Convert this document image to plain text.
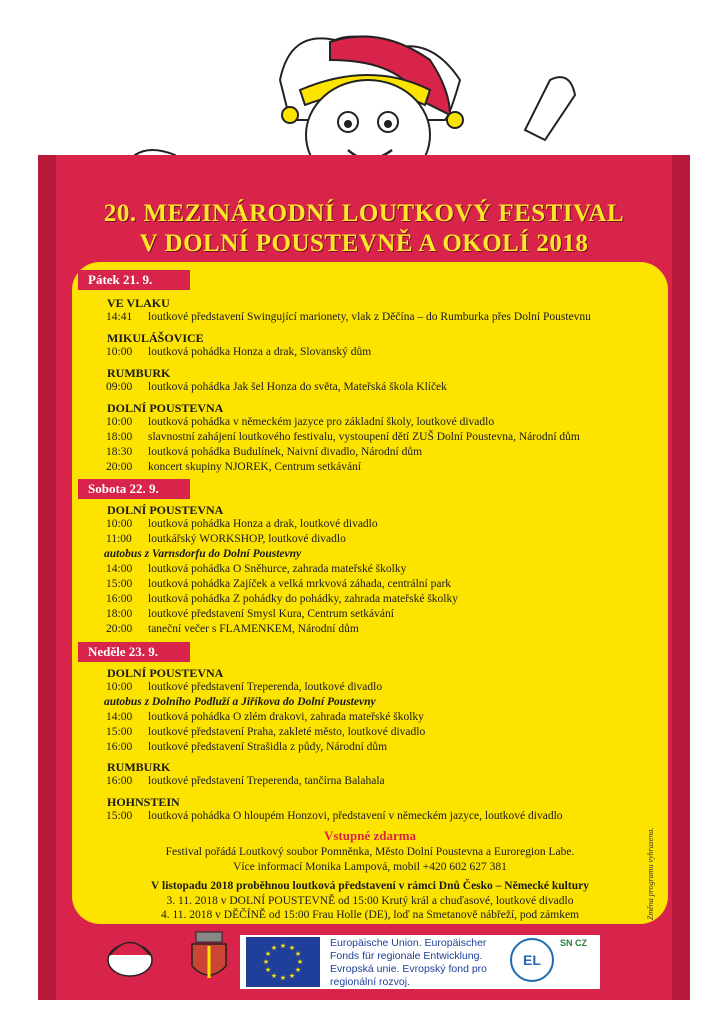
20. MEZINÁRODNÍ LOUTKOVÝ FESTIVAL
V DOLNÍ POUSTEVNĚ A OKOLÍ 2018
Pátek 21. 9.
VE VLAKU
14:41 loutkové představení Swingující marionety, vlak z Děčína – do Rumburka přes Dolní Poustevnu
MIKULÁŠOVICE
10:00 loutková pohádka Honza a drak, Slovanský dům
RUMBURK
09:00 loutková pohádka Jak šel Honza do světa, Mateřská škola Klíček
DOLNÍ POUSTEVNA
10:00 loutková pohádka v německém jazyce pro základní školy, loutkové divadlo
18:00 slavnostní zahájení loutkového festivalu, vystoupení dětí ZUŠ Dolní Poustevna, Národní dům
18:30 loutková pohádka Budulínek, Naivní divadlo, Národní dům
20:00 koncert skupiny NJOREK, Centrum setkávání
Sobota 22. 9.
DOLNÍ POUSTEVNA
10:00 loutková pohádka Honza a drak, loutkové divadlo
11:00 loutkářský WORKSHOP, loutkové divadlo
autobus z Varnsdorfu do Dolní Poustevny
14:00 loutková pohádka O Sněhurce, zahrada mateřské školky
15:00 loutková pohádka Zajíček a velká mrkvová záhada, centrální park
16:00 loutková pohádka Z pohádky do pohádky, zahrada mateřské školky
18:00 loutkové představení Smysl Kura, Centrum setkávání
20:00 taneční večer s FLAMENKEM, Národní dům
Neděle 23. 9.
DOLNÍ POUSTEVNA
10:00 loutkové představení Treperenda, loutkové divadlo
autobus z Dolního Podluží a Jiříkova do Dolní Poustevny
14:00 loutková pohádka O zlém drakovi, zahrada mateřské školky
15:00 loutkové představení Praha, zakleté město, loutkové divadlo
16:00 loutkové představení Strašidla z půdy, Národní dům
RUMBURK
16:00 loutkové představení Treperenda, tančírna Balahala
HOHNSTEIN
15:00 loutková pohádka O hloupém Honzovi, představení v německém jazyce, loutkové divadlo
Vstupné zdarma
Festival pořádá Loutkový soubor Pomněnka, Město Dolní Poustevna a Euroregion Labe.
Více informací Monika Lampová, mobil +420 602 627 381
V listopadu 2018 proběhnou loutková představení v rámci Dnů Česko – Německé kultury
3. 11. 2018 v DOLNÍ POUSTEVNĚ od 15:00 Krutý král a chuďasové, loutkové divadlo
4. 11. 2018 v DĚČÍNĚ od 15:00 Frau Holle (DE), loď na Smetanově nábřeží, pod zámkem	Změna programu vyhrazena.
★ ★
★
★
★
★
★
★
★
★
★
★	Europäische Union. Europäischer Fonds für regionale Entwicklung. Evropská unie. Evropský fond pro regionální rozvoj.
EL
SN CZ
